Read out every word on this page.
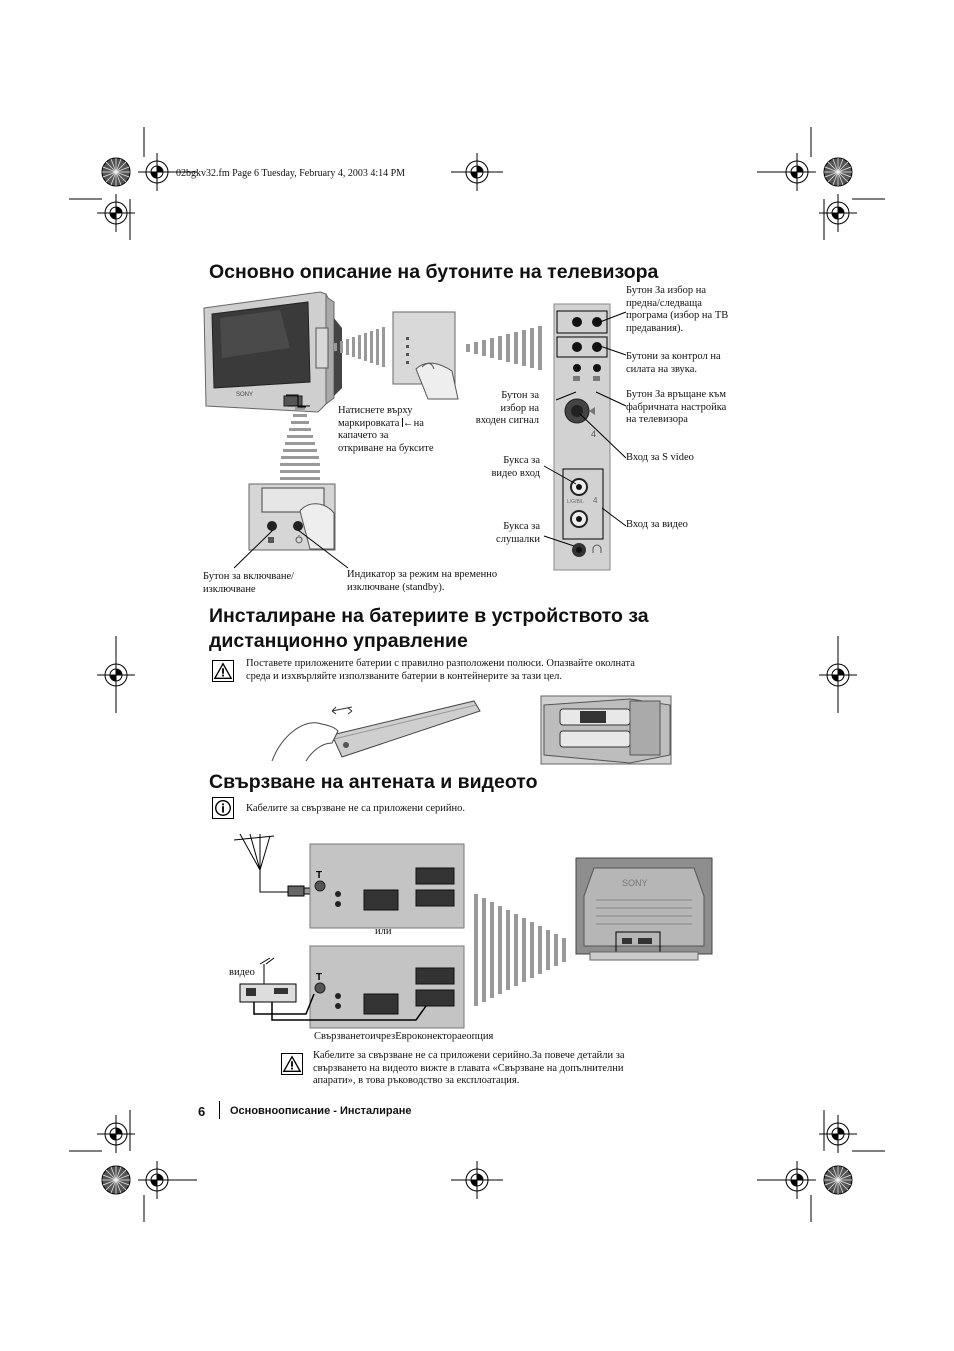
02bgkv32.fm Page 6 Tuesday, February 4, 2003 4:14 PM
Основно описание на бутоните на телевизора
SONY
Натиснете върху
маркировката ← на
капачето за
откриване на буксите
Бутон за включване/
изключване
Индикатор за режим на временно
изключване (standby).
4
L/G/B/L 4
Бутон За избор на
предна/следваща
програма (избор на ТВ
предавания).
Бутони за контрол на
силата на звука.
Бутон за
избор на
входен сигнал
Бутон За връщане към
фабричната настройка
на телевизора
Вход за S video
Букса за
видео вход
Вход за видео
Букса за
слушалки
Инсталиране на батериите в устройството за
дистанционно управление
Поставете приложените батерии с правилно разположени полюси. Опазвайте околната
среда и изхвърляйте използваните батерии в контейнерите за тази цел.
Свързване на антената и видеото
Кабелите за свързване не са приложени серийно.
T
или
T
видео
СвързванетоичрезЕвроконектораеопция
SONY
Кабелите за свързване не са приложени серийно.За повече детайли за
свързването на видеото вижте в главата «Свързване на допълнителни
апарати», в това ръководство за експлоатация.
6 Основноописание - Инсталиране
